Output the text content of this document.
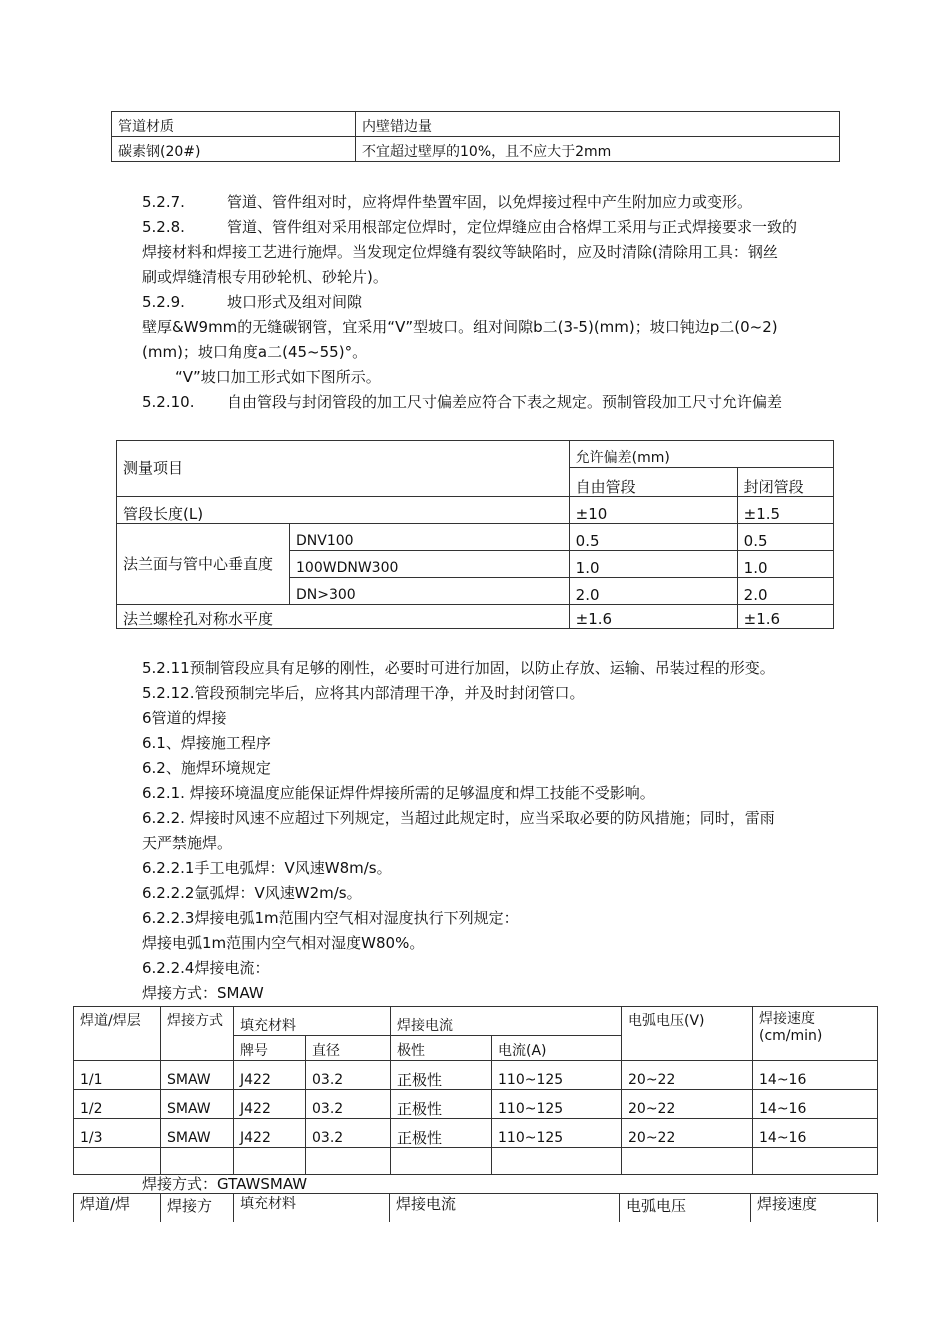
管道材质	内壁错边量
碳素钢(20#)	不宜超过壁厚的10%，且不应大于2mm
5.2.7.	管道、管件组对时，应将焊件垫置牢固，以免焊接过程中产生附加应力或变形。
5.2.8.	管道、管件组对采用根部定位焊时，定位焊缝应由合格焊工采用与正式焊接要求一致的
焊接材料和焊接工艺进行施焊。当发现定位焊缝有裂纹等缺陷时，应及时清除(清除用工具：钢丝
刷或焊缝清根专用砂轮机、砂轮片)。
5.2.9.	坡口形式及组对间隙
壁厚&W9mm的无缝碳钢管，宜采用“V”型坡口。组对间隙b二(3-5)(mm)；坡口钝边p二(0~2)
(mm)；坡口角度a二(45~55)°。
“V”坡口加工形式如下图所示。
5.2.10. 自由管段与封闭管段的加工尺寸偏差应符合下表之规定。预制管段加工尺寸允许偏差
测量项目		允许偏差(mm)	
		自由管段	封闭管段
管段长度(L)		±10	±1.5
法兰面与管中心垂直度	DNV100	0.5	0.5
	100WDNW300	1.0	1.0
	DN>300	2.0	2.0
法兰螺栓孔对称水平度		±1.6	±1.6
5.2.11预制管段应具有足够的刚性，必要时可进行加固，以防止存放、运输、吊装过程的形变。
5.2.12.管段预制完毕后，应将其内部清理干净，并及时封闭管口。
6管道的焊接
6.1、焊接施工程序
6.2、施焊环境规定
6.2.1. 焊接环境温度应能保证焊件焊接所需的足够温度和焊工技能不受影响。
6.2.2. 焊接时风速不应超过下列规定，当超过此规定时，应当采取必要的防风措施；同时，雷雨
天严禁施焊。
6.2.2.1手工电弧焊：V风速W8m/s。
6.2.2.2氩弧焊：V风速W2m/s。
6.2.2.3焊接电弧1m范围内空气相对湿度执行下列规定：
焊接电弧1m范围内空气相对湿度W80%。
6.2.2.4焊接电流：
焊接方式：SMAW
焊道/焊层	焊接方式	填充材料		焊接电流		电弧电压(V)	焊接速度(cm/min)
		牌号	直径	极性	电流(A)		
1/1	SMAW	J422	03.2	正极性	110~125	20~22	14~16
1/2	SMAW	J422	03.2	正极性	110~125	20~22	14~16
1/3	SMAW	J422	03.2	正极性	110~125	20~22	14~16

焊接方式：GTAWSMAW
焊道/焊	焊接方	填充材料	焊接电流	电弧电压	焊接速度
